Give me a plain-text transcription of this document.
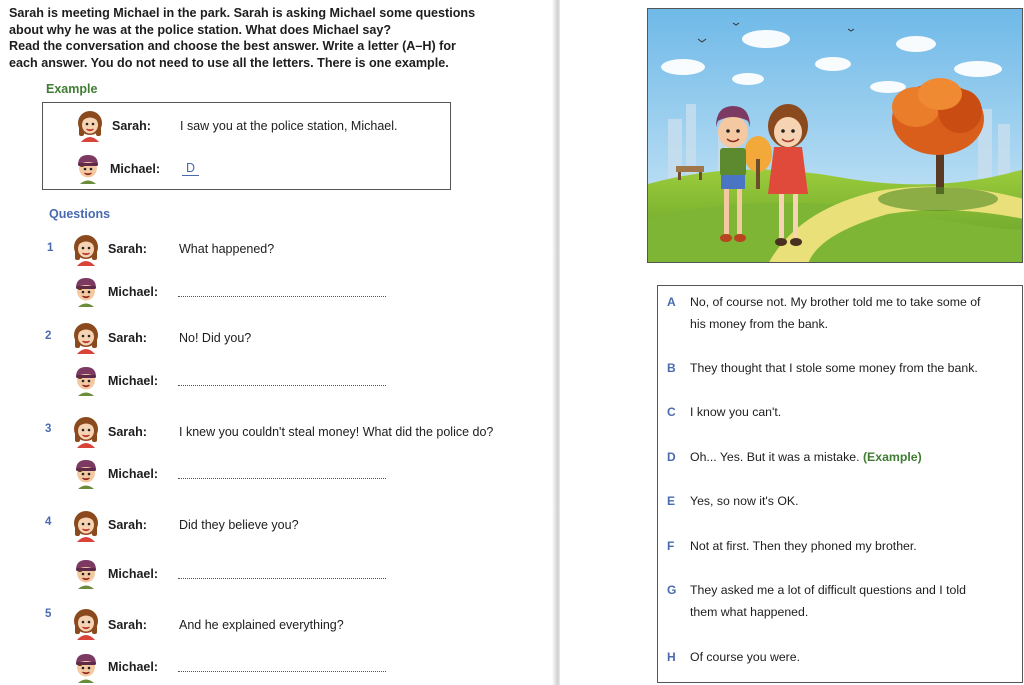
Sarah is meeting Michael in the park. Sarah is asking Michael some questions

about why he was at the police station. What does Michael say?

Read the conversation and choose the best answer. Write a letter (A–H) for

each answer. You do not need to use all the letters. There is one example.

Example
Sarah: I saw you at the police station, Michael.
Michael:	D
Questions
1	Sarah:	What happened?
Michael:
2	Sarah:	No! Did you?
Michael:
3	Sarah:	I knew you couldn't steal money! What did the police do?
Michael:
4	Sarah:	Did they believe you?
Michael:
5
Sarah:	And he explained everything?
Michael:
A No, of course not. My brother told me to take some of his money from the bank.
B They thought that I stole some money from the bank.
C I know you can't.
D Oh... Yes. But it was a mistake. (Example)
E Yes, so now it's OK.
F Not at first. Then they phoned my brother.
G They asked me a lot of difficult questions and I told them what happened.
H Of course you were.
